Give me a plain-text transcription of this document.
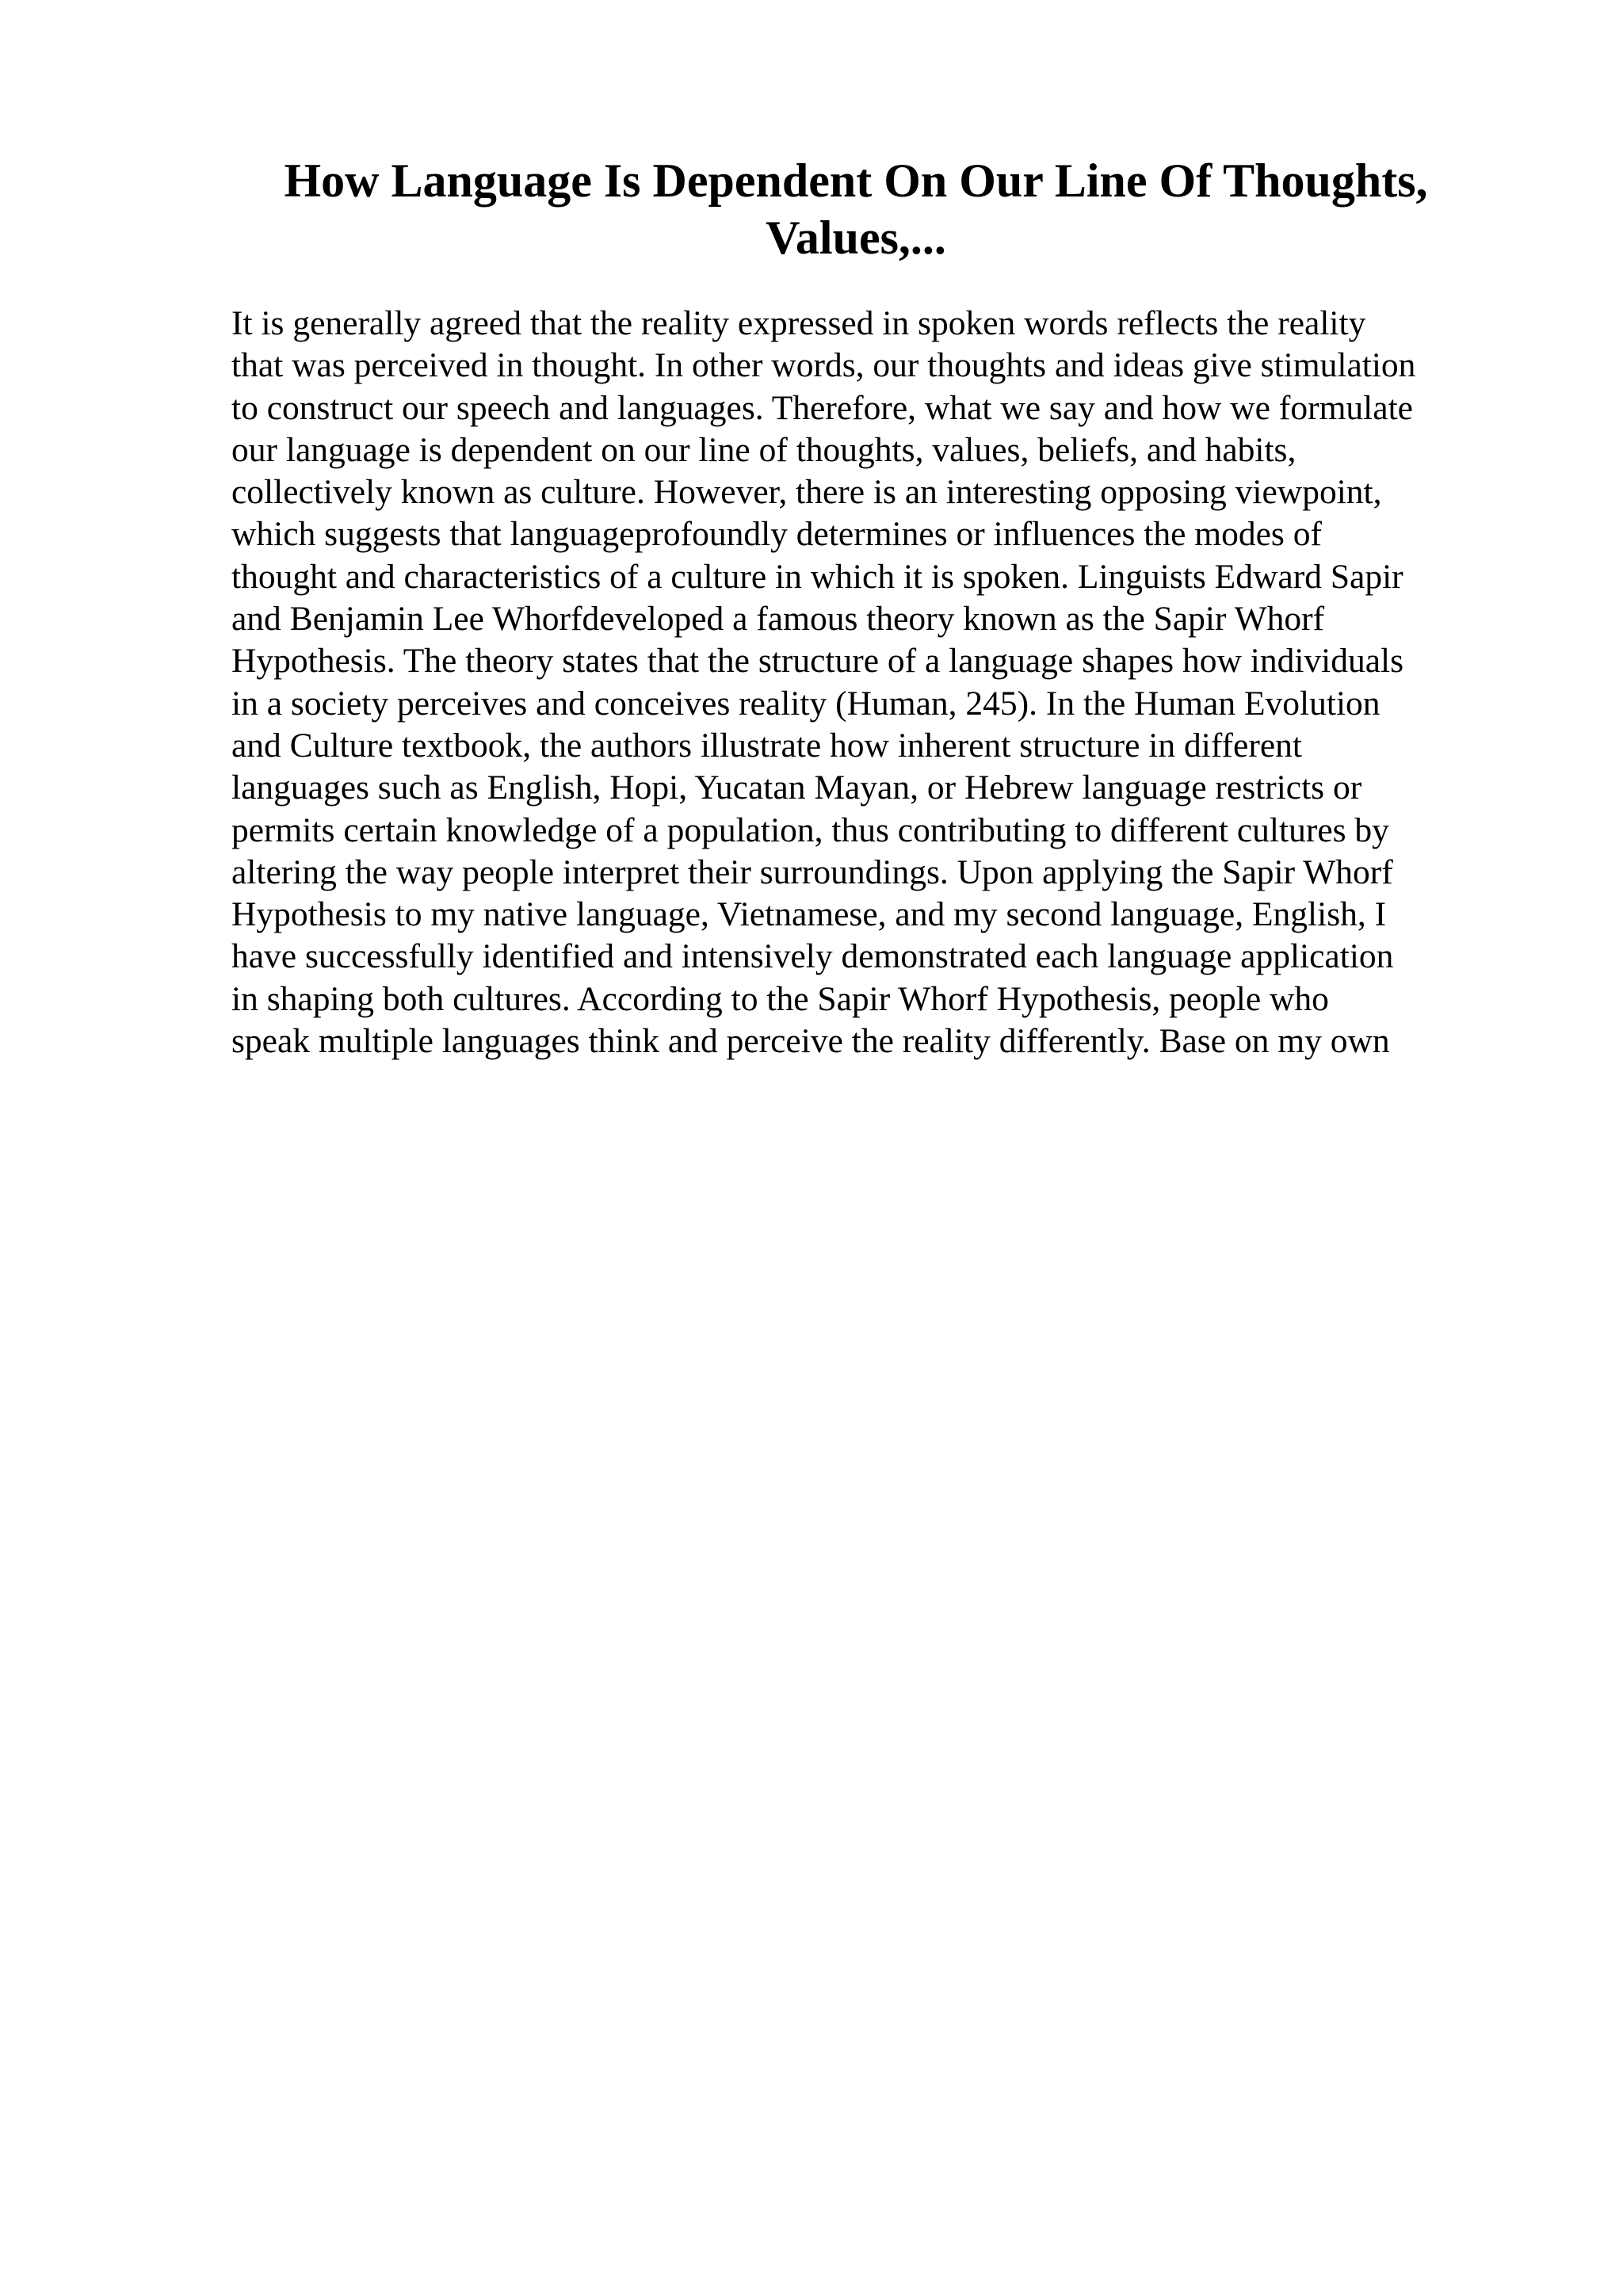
How Language Is Dependent On Our Line Of Thoughts,
Values,...
It is generally agreed that the reality expressed in spoken words reflects the reality
that was perceived in thought. In other words, our thoughts and ideas give stimulation
to construct our speech and languages. Therefore, what we say and how we formulate
our language is dependent on our line of thoughts, values, beliefs, and habits,
collectively known as culture. However, there is an interesting opposing viewpoint,
which suggests that languageprofoundly determines or influences the modes of
thought and characteristics of a culture in which it is spoken. Linguists Edward Sapir
and Benjamin Lee Whorfdeveloped a famous theory known as the Sapir Whorf
Hypothesis. The theory states that the structure of a language shapes how individuals
in a society perceives and conceives reality (Human, 245). In the Human Evolution
and Culture textbook, the authors illustrate how inherent structure in different
languages such as English, Hopi, Yucatan Mayan, or Hebrew language restricts or
permits certain knowledge of a population, thus contributing to different cultures by
altering the way people interpret their surroundings. Upon applying the Sapir Whorf
Hypothesis to my native language, Vietnamese, and my second language, English, I
have successfully identified and intensively demonstrated each language application
in shaping both cultures. According to the Sapir Whorf Hypothesis, people who
speak multiple languages think and perceive the reality differently. Base on my own
